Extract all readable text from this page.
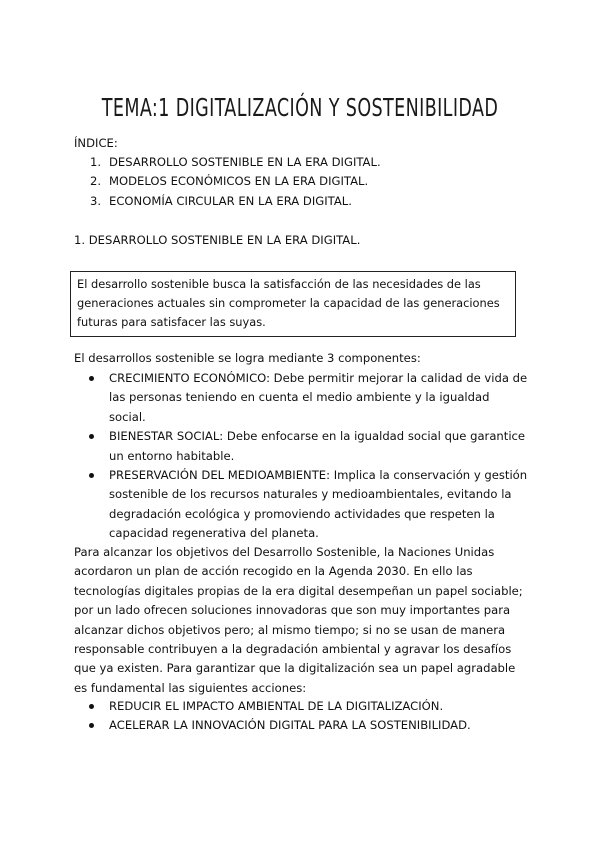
TEMA:1 DIGITALIZACIÓN Y SOSTENIBILIDAD
ÍNDICE:
1. DESARROLLO SOSTENIBLE EN LA ERA DIGITAL.
2. MODELOS ECONÓMICOS EN LA ERA DIGITAL.
3. ECONOMÍA CIRCULAR EN LA ERA DIGITAL.
1. DESARROLLO SOSTENIBLE EN LA ERA DIGITAL.
El desarrollo sostenible busca la satisfacción de las necesidades de las generaciones actuales sin comprometer la capacidad de las generaciones futuras para satisfacer las suyas.
El desarrollos sostenible se logra mediante 3 componentes:
CRECIMIENTO ECONÓMICO: Debe permitir mejorar la calidad de vida de las personas teniendo en cuenta el medio ambiente y la igualdad social.
BIENESTAR SOCIAL: Debe enfocarse en la igualdad social que garantice un entorno habitable.
PRESERVACIÓN DEL MEDIOAMBIENTE: Implica la conservación y gestión sostenible de los recursos naturales y medioambientales, evitando la degradación ecológica y promoviendo actividades que respeten la capacidad regenerativa del planeta.

Para alcanzar los objetivos del Desarrollo Sostenible, la Naciones Unidas acordaron un plan de acción recogido en la Agenda 2030. En ello las tecnologías digitales propias de la era digital desempeñan un papel sociable; por un lado ofrecen soluciones innovadoras que son muy importantes para alcanzar dichos objetivos pero; al mismo tiempo; si no se usan de manera responsable contribuyen a la degradación ambiental y agravar los desafíos que ya existen. Para garantizar que la digitalización sea un papel agradable es fundamental las siguientes acciones:

REDUCIR EL IMPACTO AMBIENTAL DE LA DIGITALIZACIÓN.
ACELERAR LA INNOVACIÓN DIGITAL PARA LA SOSTENIBILIDAD.
